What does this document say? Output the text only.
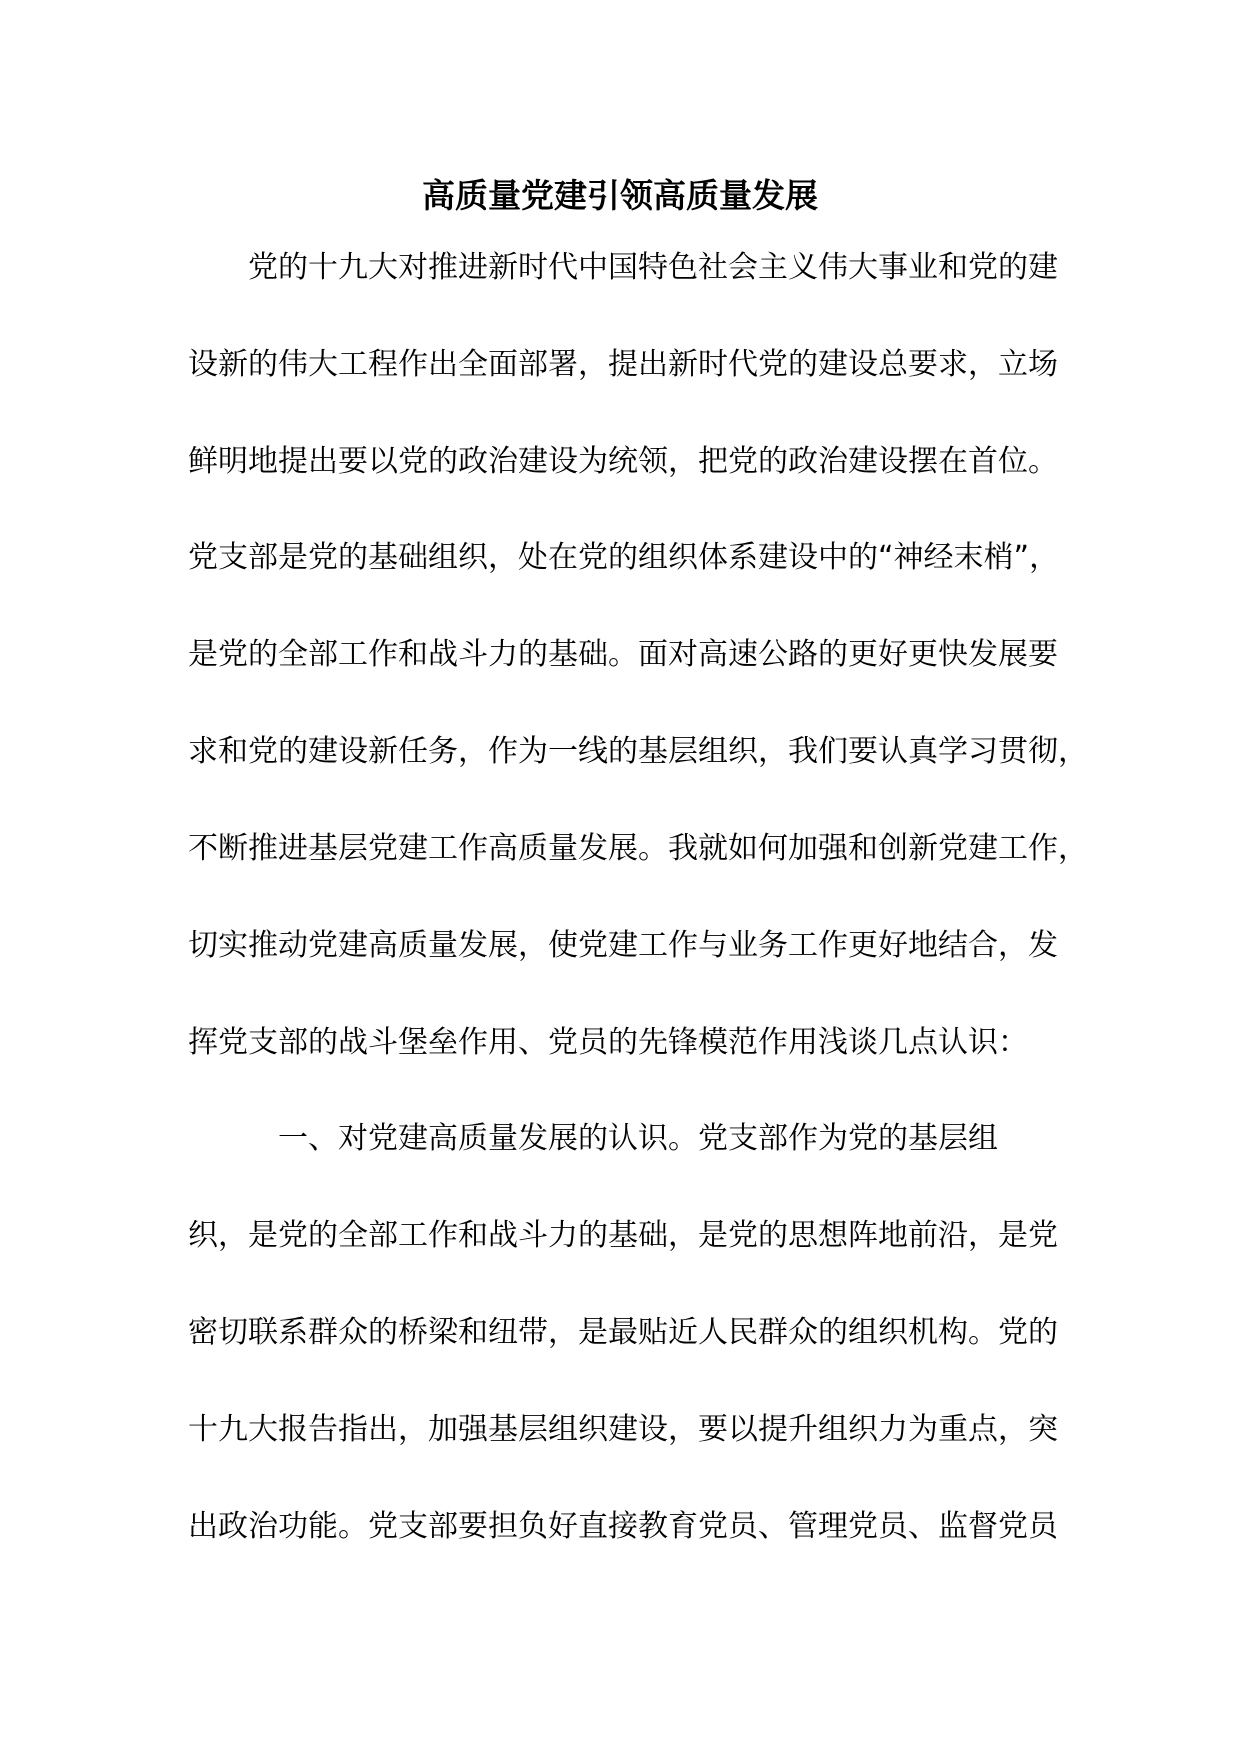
高质量党建引领高质量发展

　　党的十九大对推进新时代中国特色社会主义伟大事业和党的建

设新的伟大工程作出全面部署，提出新时代党的建设总要求，立场

鲜明地提出要以党的政治建设为统领，把党的政治建设摆在首位。

党支部是党的基础组织，处在党的组织体系建设中的“神经末梢”，

是党的全部工作和战斗力的基础。面对高速公路的更好更快发展要

求和党的建设新任务，作为一线的基层组织，我们要认真学习贯彻，

不断推进基层党建工作高质量发展。我就如何加强和创新党建工作，

切实推动党建高质量发展，使党建工作与业务工作更好地结合，发

挥党支部的战斗堡垒作用、党员的先锋模范作用浅谈几点认识：

　　　一、对党建高质量发展的认识。党支部作为党的基层组

织，是党的全部工作和战斗力的基础，是党的思想阵地前沿，是党

密切联系群众的桥梁和纽带，是最贴近人民群众的组织机构。党的

十九大报告指出，加强基层组织建设，要以提升组织力为重点，突

出政治功能。党支部要担负好直接教育党员、管理党员、监督党员
